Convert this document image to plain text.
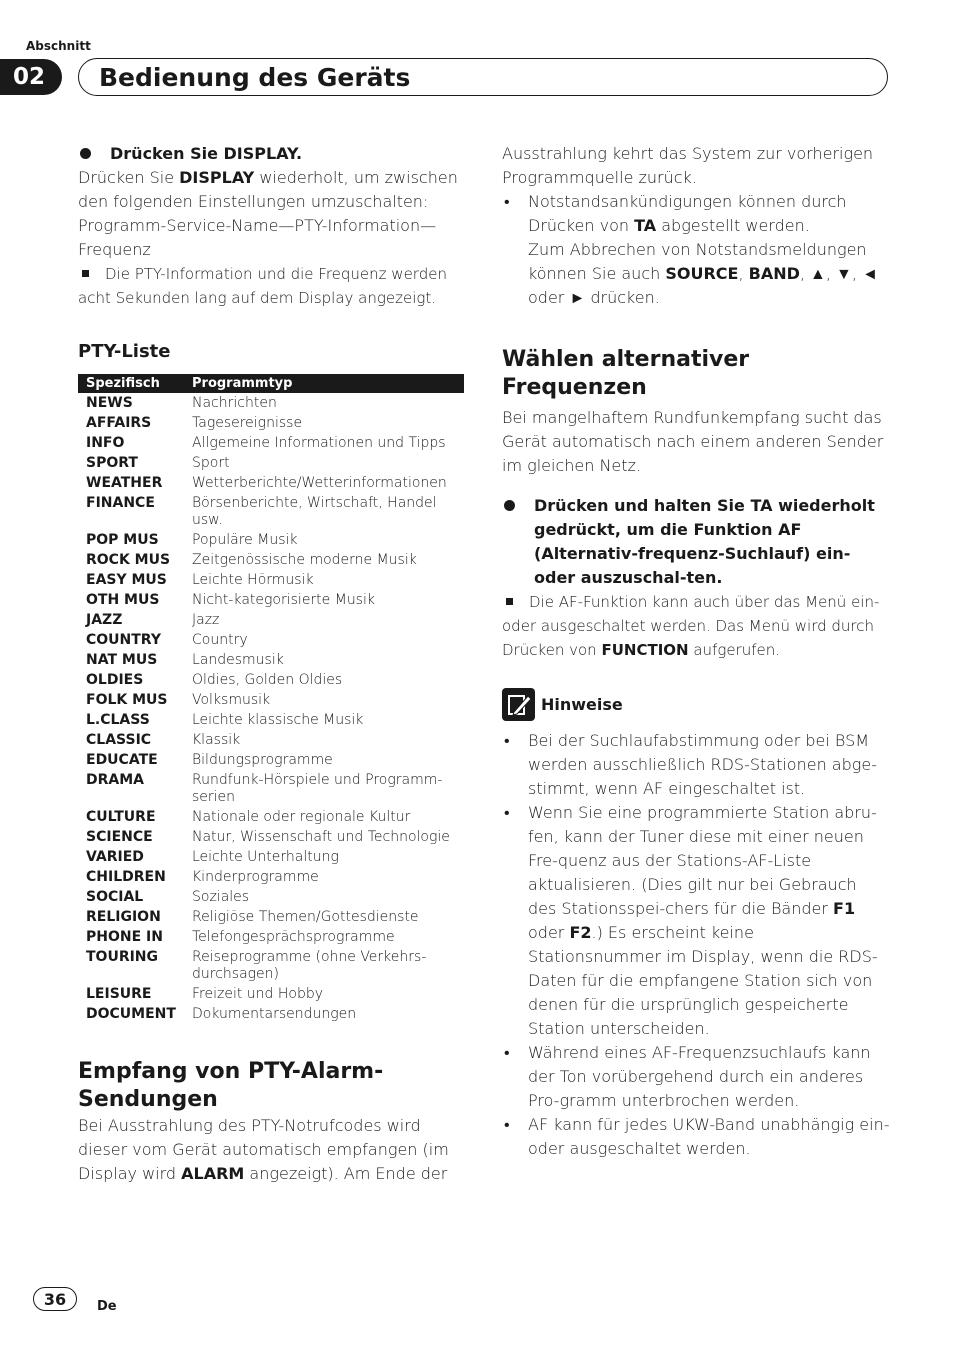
Abschnitt
02	Bedienung des Geräts
Drücken Sie DISPLAY.
Drücken Sie DISPLAY wiederholt, um zwischen den folgenden Einstellungen umzuschalten:
Programm-Service-Name—PTY-Information—Frequenz
Die PTY-Information und die Frequenz werden acht Sekunden lang auf dem Display angezeigt.
PTY-Liste
Spezifisch	Programmtyp
NEWS	Nachrichten
AFFAIRS	Tagesereignisse
INFO	Allgemeine Informationen und Tipps
SPORT	Sport
WEATHER	Wetterberichte/Wetterinformationen
FINANCE	Börsenberichte, Wirtschaft, Handel usw.
POP MUS	Populäre Musik
ROCK MUS	Zeitgenössische moderne Musik
EASY MUS	Leichte Hörmusik
OTH MUS	Nicht-kategorisierte Musik
JAZZ	Jazz
COUNTRY	Country
NAT MUS	Landesmusik
OLDIES	Oldies, Golden Oldies
FOLK MUS	Volksmusik
L.CLASS	Leichte klassische Musik
CLASSIC	Klassik
EDUCATE	Bildungsprogramme
DRAMA	Rundfunk-Hörspiele und Programm-serien
CULTURE	Nationale oder regionale Kultur
SCIENCE	Natur, Wissenschaft und Technologie
VARIED	Leichte Unterhaltung
CHILDREN	Kinderprogramme
SOCIAL	Soziales
RELIGION	Religiöse Themen/Gottesdienste
PHONE IN	Telefongesprächsprogramme
TOURING	Reiseprogramme (ohne Verkehrs-durchsagen)
LEISURE	Freizeit und Hobby
DOCUMENT	Dokumentarsendungen
Empfang von PTY-Alarm-Sendungen
Bei Ausstrahlung des PTY-Notrufcodes wird dieser vom Gerät automatisch empfangen (im Display wird ALARM angezeigt). Am Ende der
Ausstrahlung kehrt das System zur vorherigen Programmquelle zurück.
• Notstandsankündigungen können durch Drücken von TA abgestellt werden.
Zum Abbrechen von Notstandsmeldungen können Sie auch SOURCE, BAND, ▲, ▼, ◄ oder ► drücken.
Wählen alternativer Frequenzen
Bei mangelhaftem Rundfunkempfang sucht das Gerät automatisch nach einem anderen Sender im gleichen Netz.
Drücken und halten Sie TA wiederholt gedrückt, um die Funktion AF (Alternativ-frequenz-Suchlauf) ein- oder auszuschal-ten.
Die AF-Funktion kann auch über das Menü ein- oder ausgeschaltet werden. Das Menü wird durch Drücken von FUNCTION aufgerufen.
Hinweise
• Bei der Suchlaufabstimmung oder bei BSM werden ausschließlich RDS-Stationen abge-stimmt, wenn AF eingeschaltet ist.
• Wenn Sie eine programmierte Station abru-fen, kann der Tuner diese mit einer neuen Fre-quenz aus der Stations-AF-Liste aktualisieren. (Dies gilt nur bei Gebrauch des Stationsspei-chers für die Bänder F1 oder F2.) Es erscheint keine Stationsnummer im Display, wenn die RDS-Daten für die empfangene Station sich von denen für die ursprünglich gespeicherte Station unterscheiden.
• Während eines AF-Frequenzsuchlaufs kann der Ton vorübergehend durch ein anderes Pro-gramm unterbrochen werden.
• AF kann für jedes UKW-Band unabhängig ein- oder ausgeschaltet werden.
36	De
